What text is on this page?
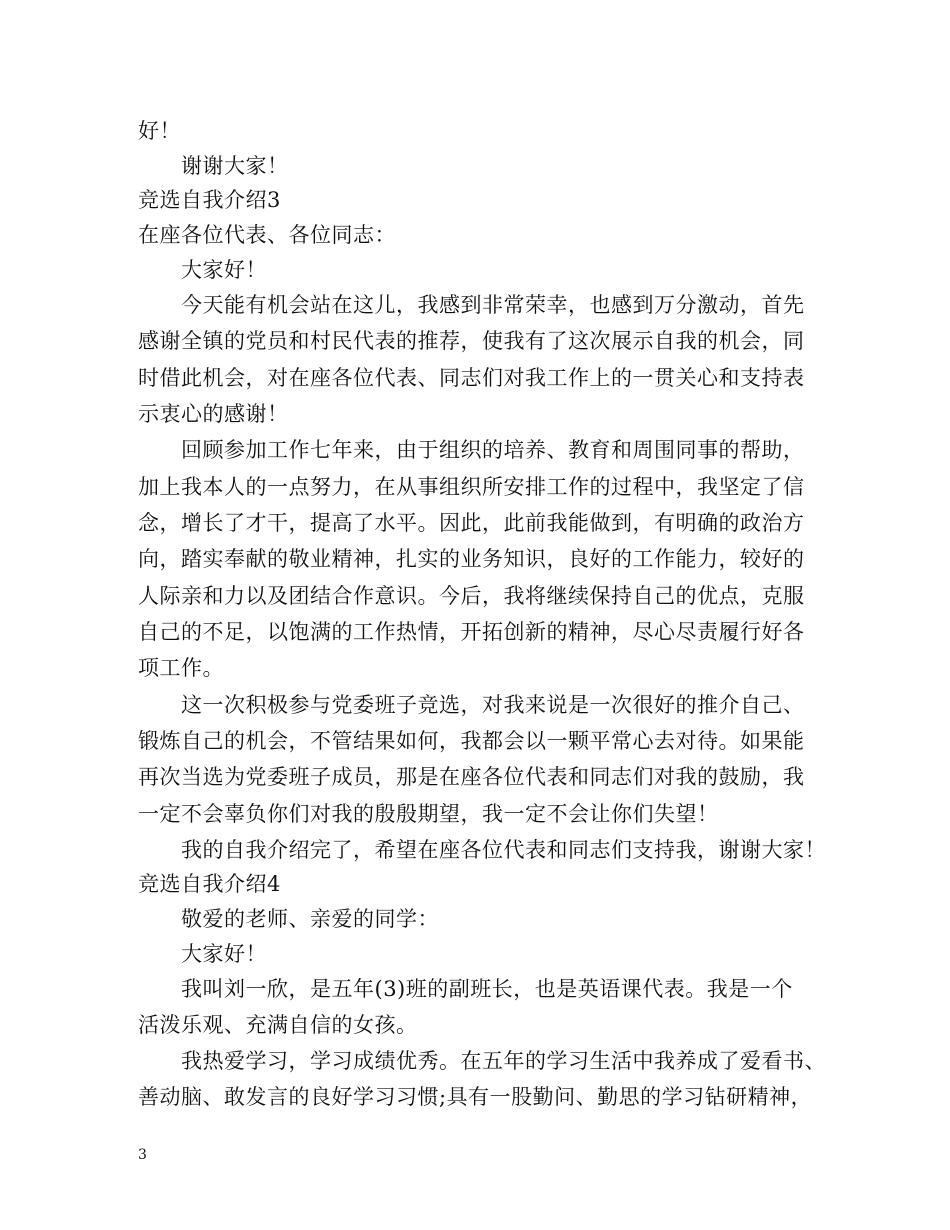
好！
谢谢大家！
竞选自我介绍3
在座各位代表、各位同志：
大家好！
今天能有机会站在这儿，我感到非常荣幸，也感到万分激动，首先
感谢全镇的党员和村民代表的推荐，使我有了这次展示自我的机会，同
时借此机会，对在座各位代表、同志们对我工作上的一贯关心和支持表
示衷心的感谢！
回顾参加工作七年来，由于组织的培养、教育和周围同事的帮助，
加上我本人的一点努力，在从事组织所安排工作的过程中，我坚定了信
念，增长了才干，提高了水平。因此，此前我能做到，有明确的政治方
向，踏实奉献的敬业精神，扎实的业务知识，良好的工作能力，较好的
人际亲和力以及团结合作意识。今后，我将继续保持自己的优点，克服
自己的不足，以饱满的工作热情，开拓创新的精神，尽心尽责履行好各
项工作。
这一次积极参与党委班子竞选，对我来说是一次很好的推介自己、
锻炼自己的机会，不管结果如何，我都会以一颗平常心去对待。如果能
再次当选为党委班子成员，那是在座各位代表和同志们对我的鼓励，我
一定不会辜负你们对我的殷殷期望，我一定不会让你们失望！
我的自我介绍完了，希望在座各位代表和同志们支持我，谢谢大家！
竞选自我介绍4
敬爱的老师、亲爱的同学：
大家好！
我叫刘一欣，是五年(3)班的副班长，也是英语课代表。我是一个
活泼乐观、充满自信的女孩。
我热爱学习，学习成绩优秀。在五年的学习生活中我养成了爱看书、
善动脑、敢发言的良好学习习惯;具有一股勤问、勤思的学习钻研精神，
3
